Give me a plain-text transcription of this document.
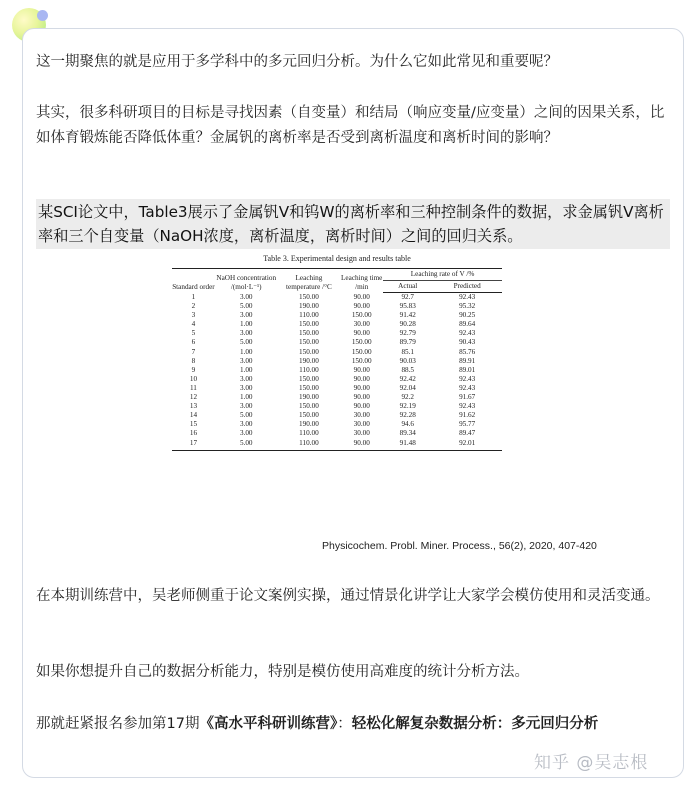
这一期聚焦的就是应用于多学科中的多元回归分析。为什么它如此常见和重要呢？

其实，很多科研项目的目标是寻找因素（自变量）和结局（响应变量/应变量）之间的因果关系，比如体育锻炼能否降低体重？金属钒的离析率是否受到离析温度和离析时间的影响？

某SCI论文中，Table3展示了金属钒V和钨W的离析率和三种控制条件的数据，求金属钒V离析率和三个自变量（NaOH浓度，离析温度，离析时间）之间的回归关系。
Table 3. Experimental design and results table
Standard order	NaOH concentration /(mol·L⁻¹)	Leaching temperature /°C	Leaching time /min	Leaching rate of V /%	
				Actual	Predicted
1	3.00	150.00	90.00	92.7	92.43
2	5.00	190.00	90.00	95.83	95.32
3	3.00	110.00	150.00	91.42	90.25
4	1.00	150.00	30.00	90.28	89.64
5	3.00	150.00	90.00	92.79	92.43
6	5.00	150.00	150.00	89.79	90.43
7	1.00	150.00	150.00	85.1	85.76
8	3.00	190.00	150.00	90.03	89.91
9	1.00	110.00	90.00	88.5	89.01
10	3.00	150.00	90.00	92.42	92.43
11	3.00	150.00	90.00	92.04	92.43
12	1.00	190.00	90.00	92.2	91.67
13	3.00	150.00	90.00	92.19	92.43
14	5.00	150.00	30.00	92.28	91.62
15	3.00	190.00	30.00	94.6	95.77
16	3.00	110.00	30.00	89.34	89.47
17	5.00	110.00	90.00	91.48	92.01
Physicochem. Probl. Miner. Process., 56(2), 2020, 407-420

在本期训练营中，吴老师侧重于论文案例实操，通过情景化讲学让大家学会模仿使用和灵活变通。

如果你想提升自己的数据分析能力，特别是模仿使用高难度的统计分析方法。

那就赶紧报名参加第17期《高水平科研训练营》：轻松化解复杂数据分析：多元回归分析

知乎 @吴志根
